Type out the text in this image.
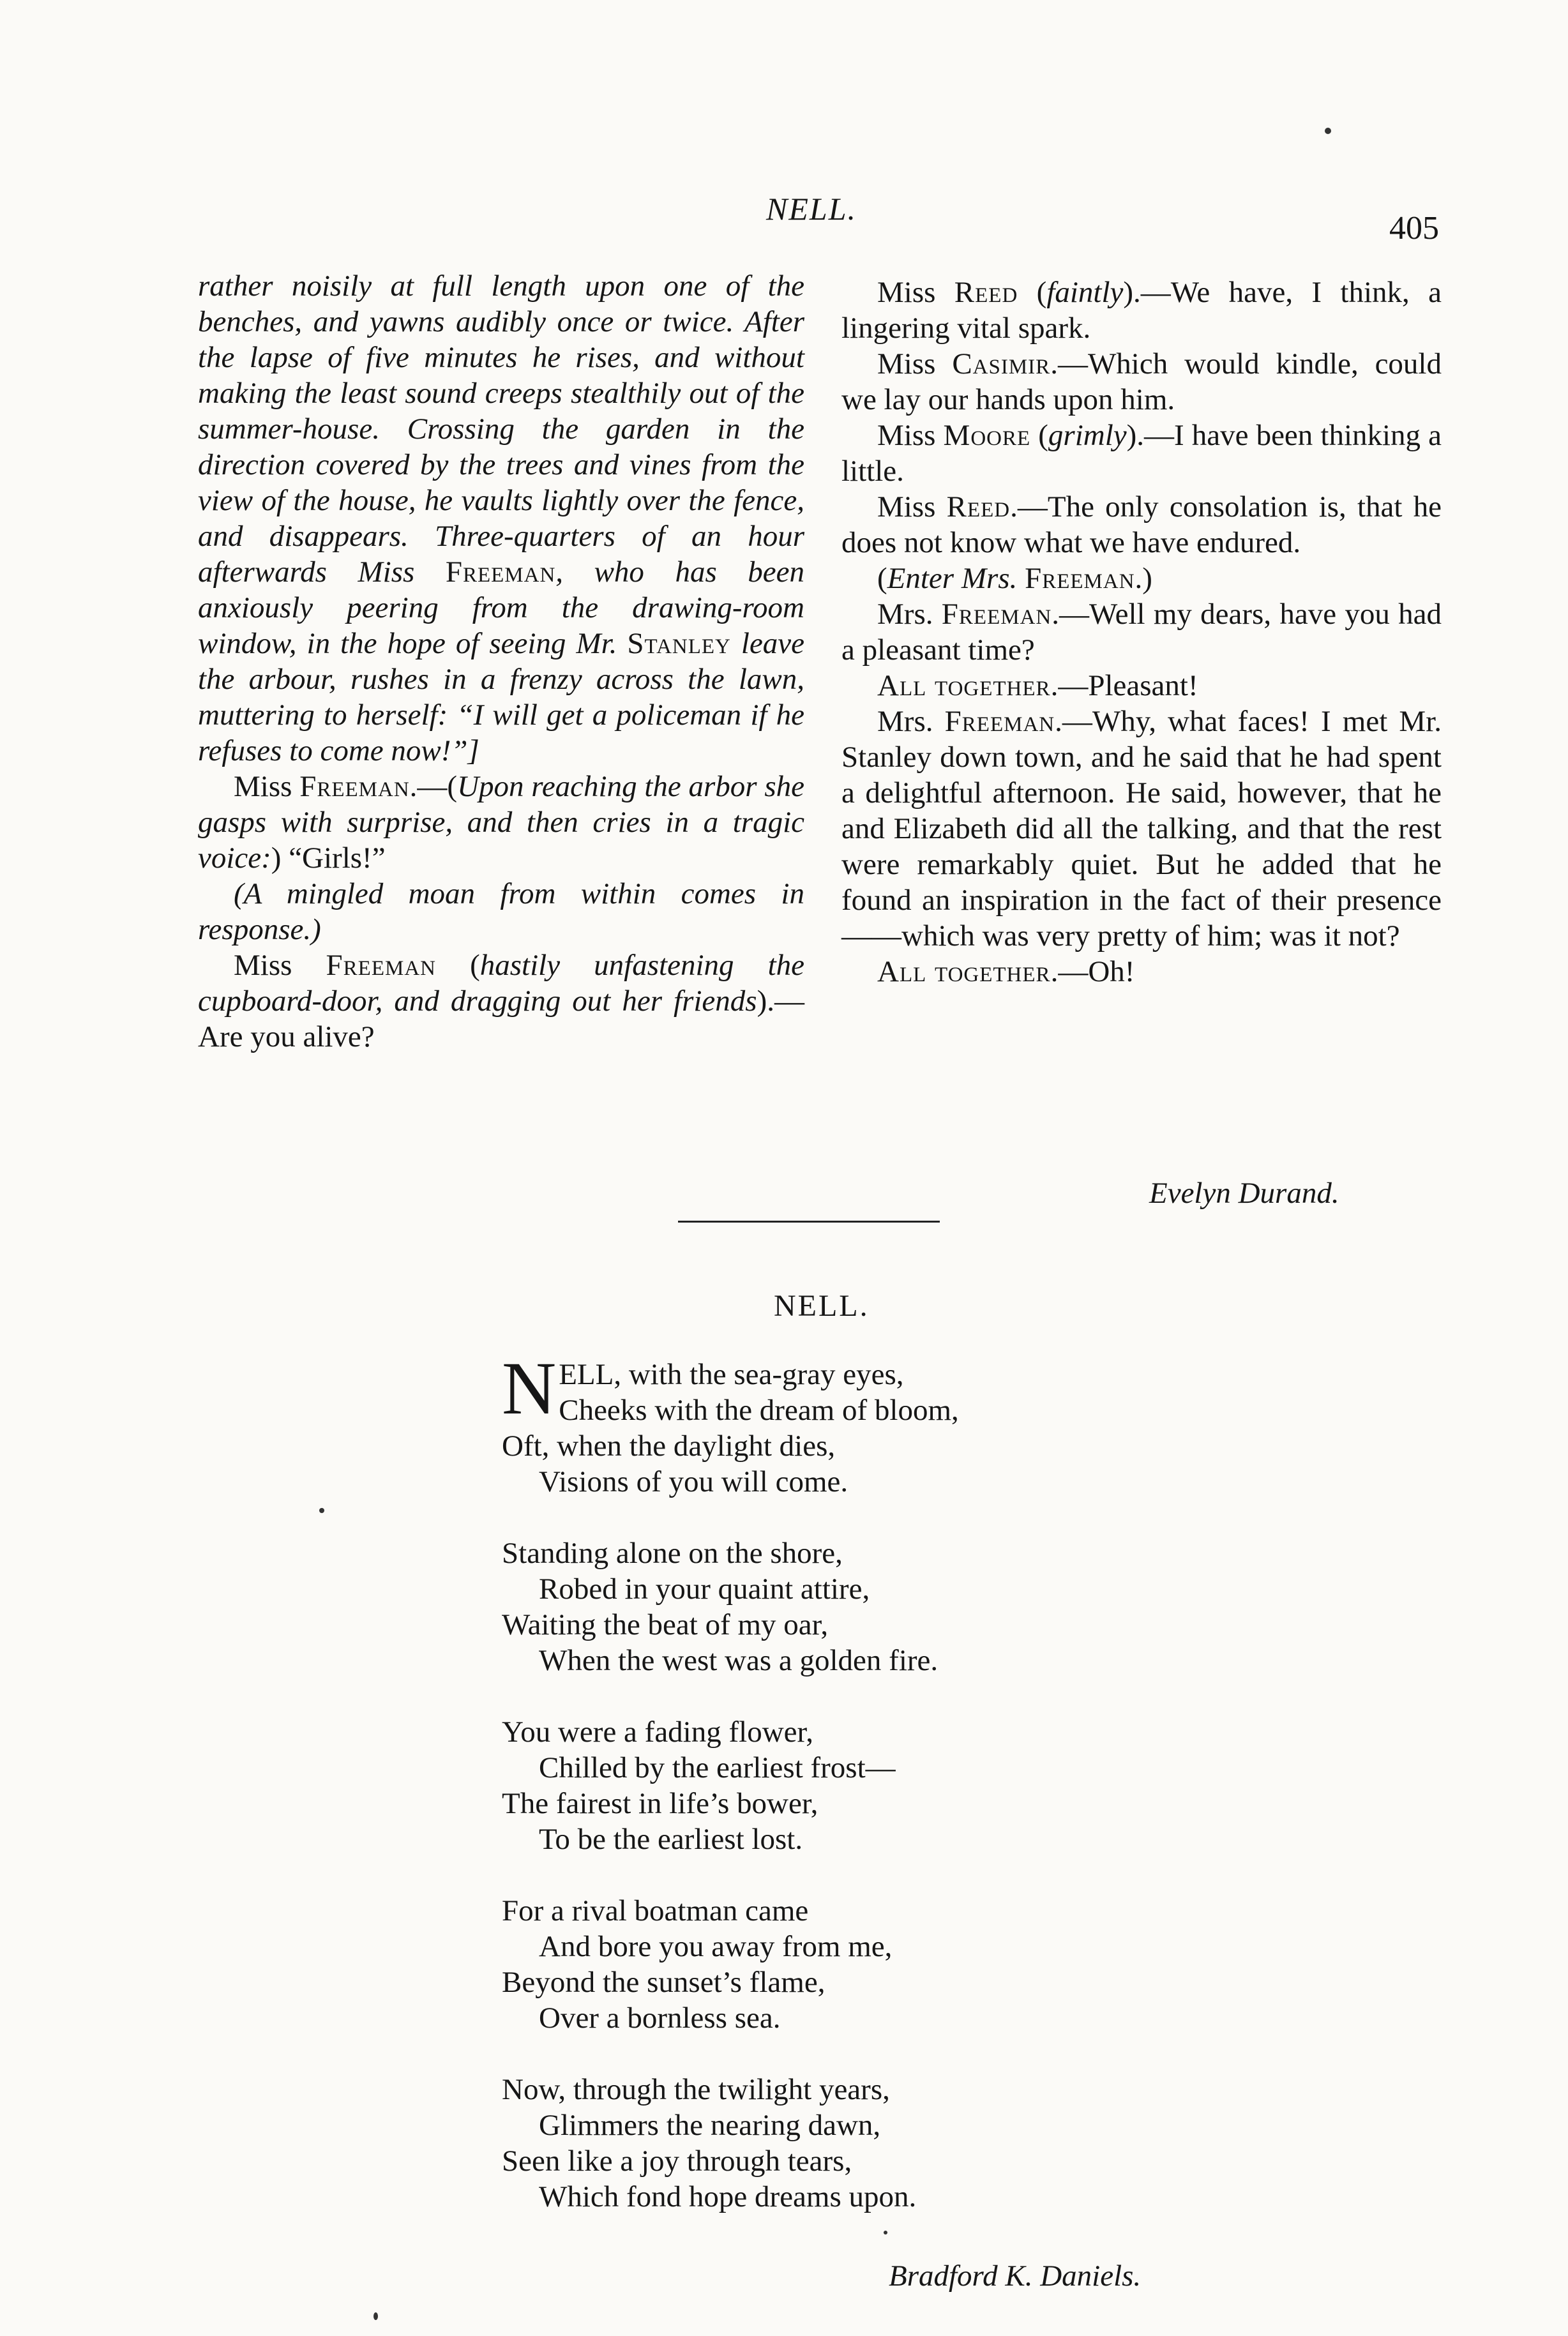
NELL.
405

rather noisily at full length upon one of the benches, and yawns audibly once or twice. After the lapse of five minutes he rises, and without making the least sound creeps stealthily out of the summer-house. Crossing the garden in the direction covered by the trees and vines from the view of the house, he vaults lightly over the fence, and disappears. Three-quarters of an hour afterwards Miss Freeman, who has been anxiously peering from the drawing-room window, in the hope of seeing Mr. Stanley leave the arbour, rushes in a frenzy across the lawn, muttering to herself: “I will get a policeman if he refuses to come now!”]

Miss Freeman.—(Upon reaching the arbor she gasps with surprise, and then cries in a tragic voice:) “Girls!”

(A mingled moan from within comes in response.)

Miss Freeman (hastily unfastening the cupboard-door, and dragging out her friends).—Are you alive?

Miss Reed (faintly).—We have, I think, a lingering vital spark.

Miss Casimir.—Which would kindle, could we lay our hands upon him.

Miss Moore (grimly).—I have been thinking a little.

Miss Reed.—The only consolation is, that he does not know what we have endured.

(Enter Mrs. Freeman.)

Mrs. Freeman.—Well my dears, have you had a pleasant time?

All together.—Pleasant!

Mrs. Freeman.—Why, what faces! I met Mr. Stanley down town, and he said that he had spent a delightful afternoon. He said, however, that he and Elizabeth did all the talking, and that the rest were remarkably quiet. But he added that he found an inspiration in the fact of their presence——which was very pretty of him; was it not?

All together.—Oh!

Evelyn Durand.
NELL.
N ELL, with the sea-gray eyes,
Cheeks with the dream of bloom,
Oft, when the daylight dies,
Visions of you will come.
Standing alone on the shore,
Robed in your quaint attire,
Waiting the beat of my oar,
When the west was a golden fire.
You were a fading flower,
Chilled by the earliest frost—
The fairest in life’s bower,
To be the earliest lost.
For a rival boatman came
And bore you away from me,
Beyond the sunset’s flame,
Over a bornless sea.
Now, through the twilight years,
Glimmers the nearing dawn,
Seen like a joy through tears,
Which fond hope dreams upon.
Bradford K. Daniels.
